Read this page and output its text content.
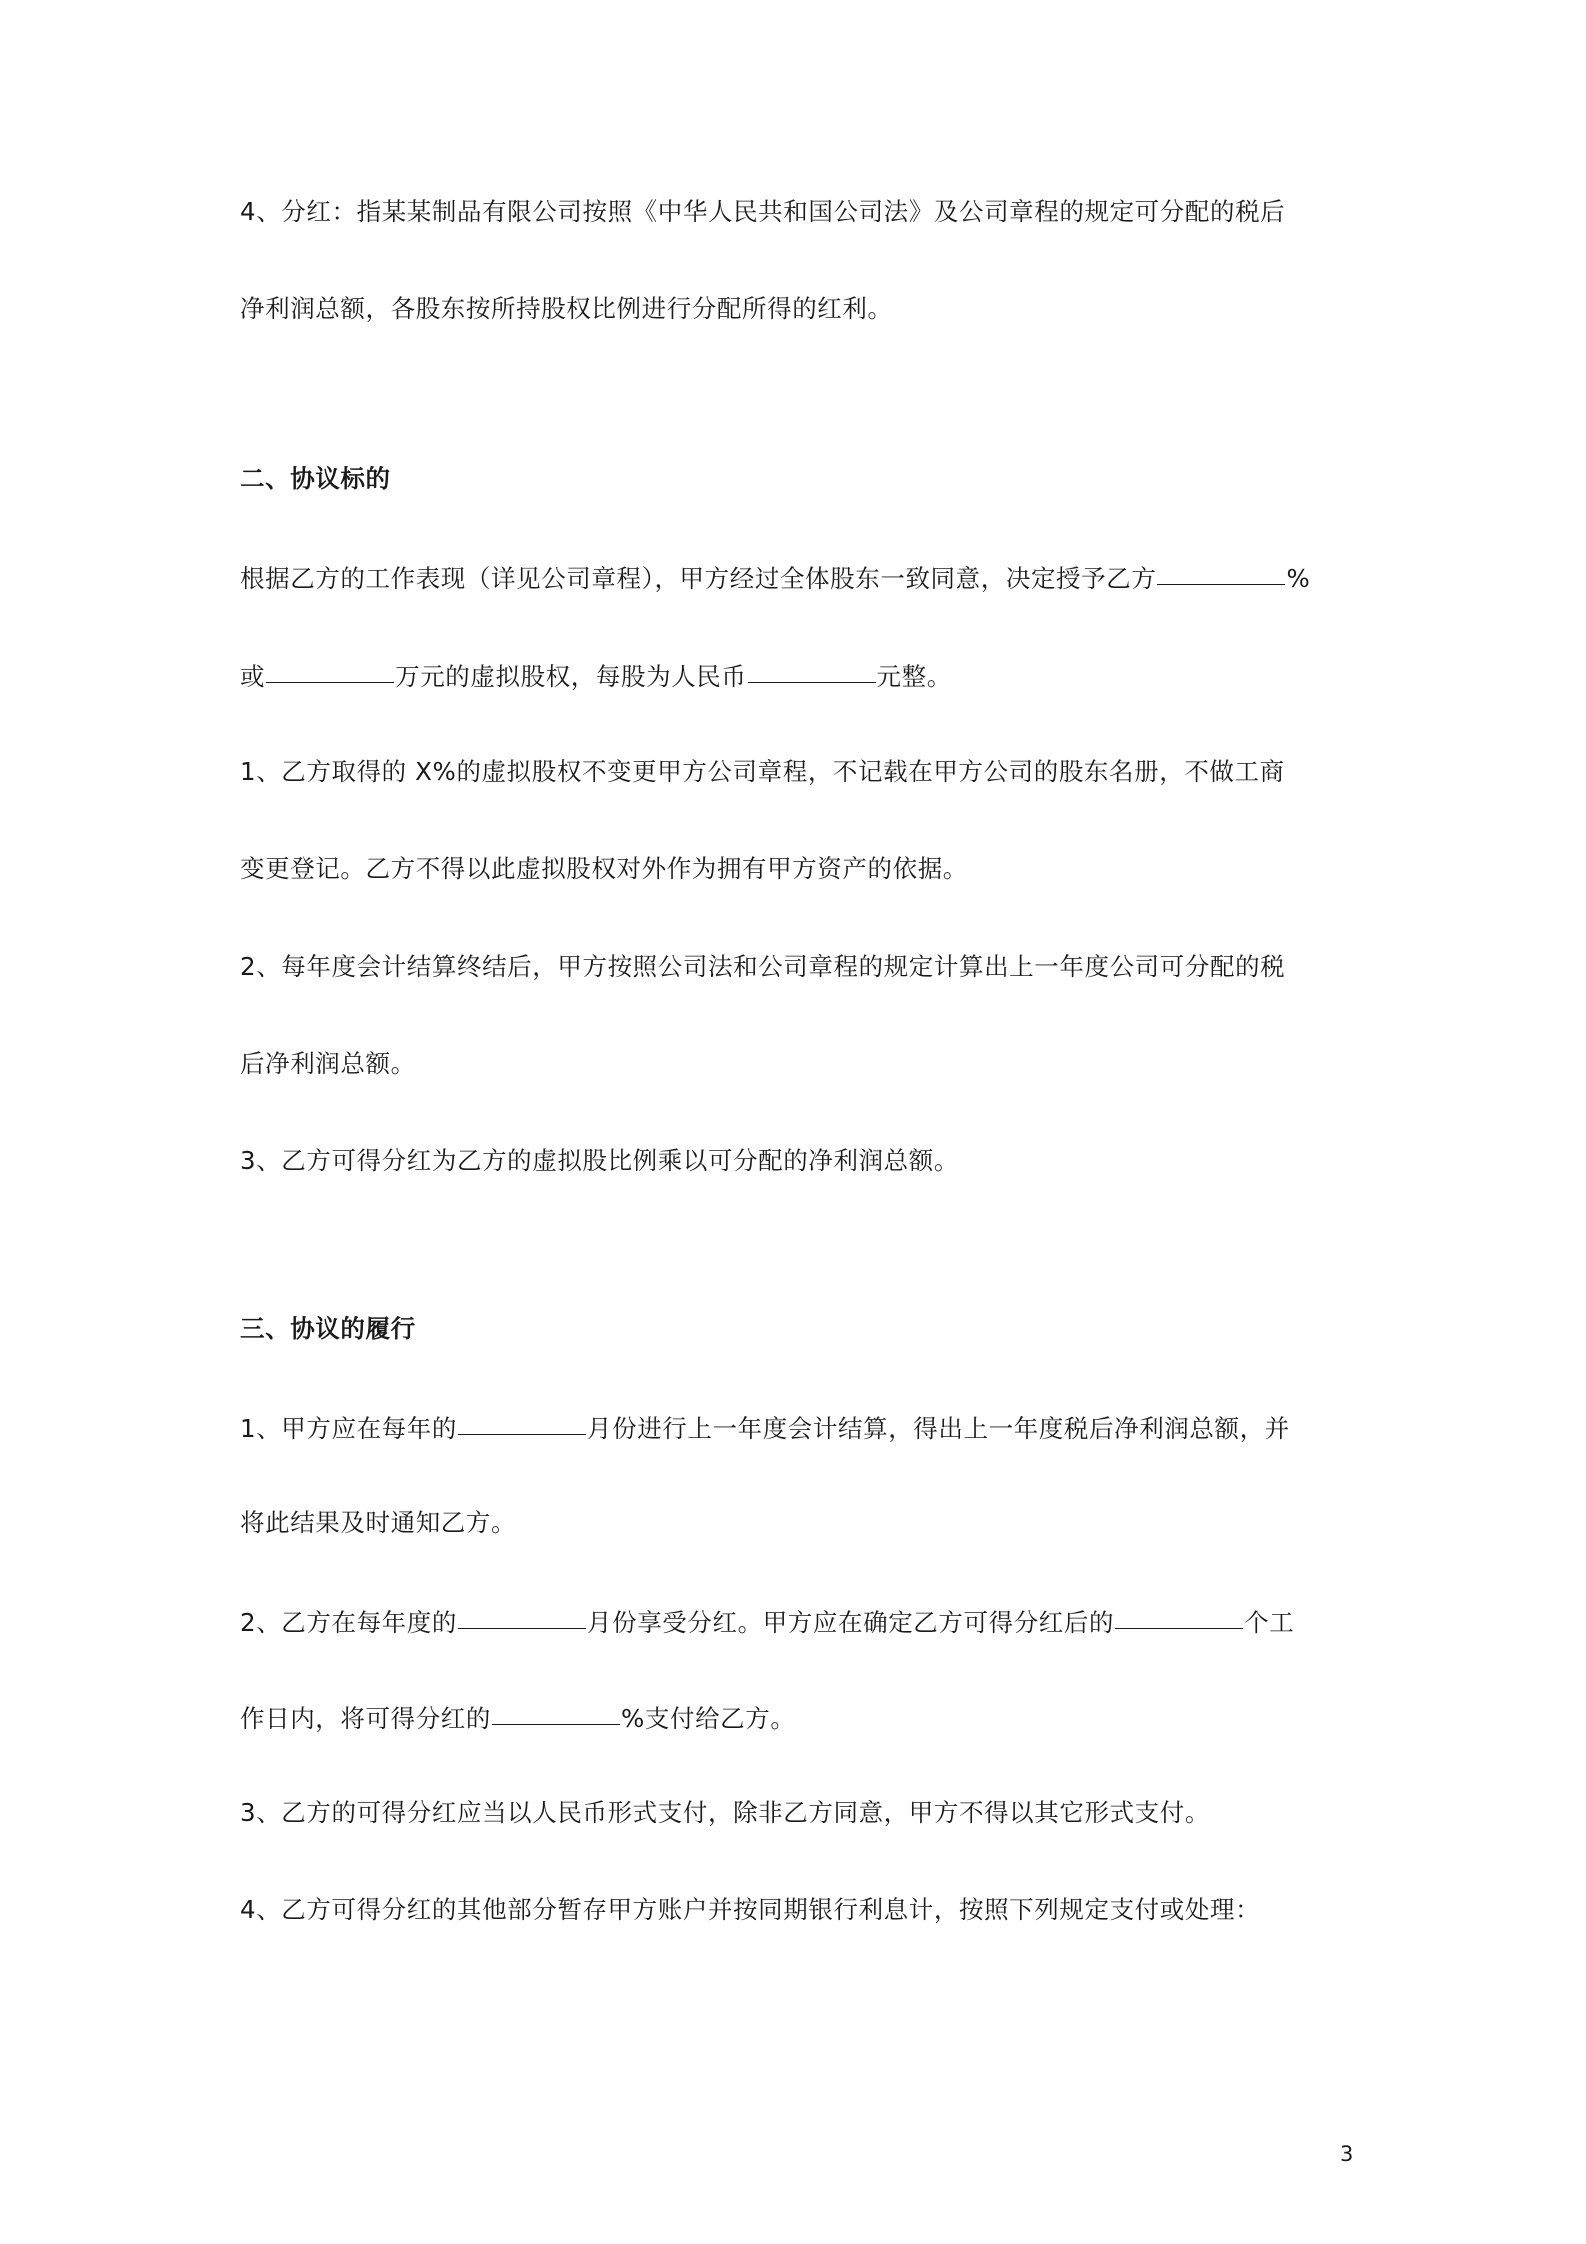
4、分红：指某某制品有限公司按照《中华人民共和国公司法》及公司章程的规定可分配的税后
净利润总额，各股东按所持股权比例进行分配所得的红利。
二、协议标的
根据乙方的工作表现（详见公司章程），甲方经过全体股东一致同意，决定授予乙方	%
或	万元的虚拟股权，每股为人民币	元整。
1、乙方取得的 X%的虚拟股权不变更甲方公司章程，不记载在甲方公司的股东名册，不做工商
变更登记。乙方不得以此虚拟股权对外作为拥有甲方资产的依据。
2、每年度会计结算终结后，甲方按照公司法和公司章程的规定计算出上一年度公司可分配的税
后净利润总额。
3、乙方可得分红为乙方的虚拟股比例乘以可分配的净利润总额。
三、协议的履行
1、甲方应在每年的	月份进行上一年度会计结算，得出上一年度税后净利润总额，并
将此结果及时通知乙方。
2、乙方在每年度的	月份享受分红。甲方应在确定乙方可得分红后的	个工
作日内，将可得分红的	%支付给乙方。
3、乙方的可得分红应当以人民币形式支付，除非乙方同意，甲方不得以其它形式支付。
4、乙方可得分红的其他部分暂存甲方账户并按同期银行利息计，按照下列规定支付或处理：
3
